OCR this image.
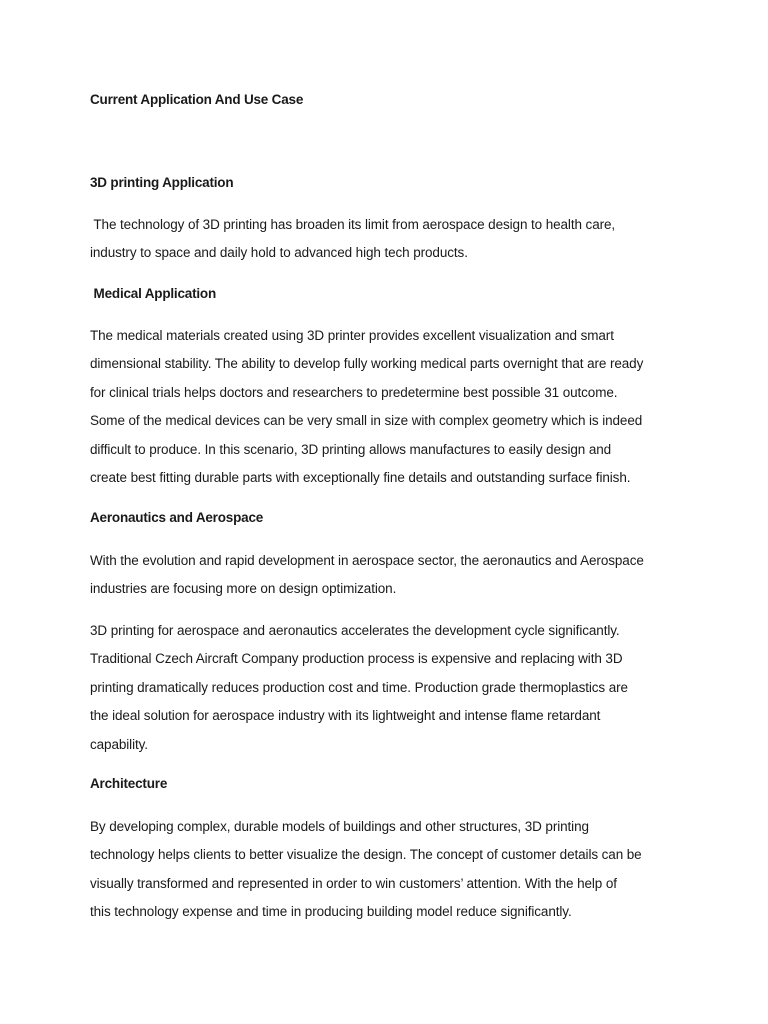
Current Application And Use Case
3D printing Application

The technology of 3D printing has broaden its limit from aerospace design to health care,
industry to space and daily hold to advanced high tech products.

Medical Application

The medical materials created using 3D printer provides excellent visualization and smart
dimensional stability. The ability to develop fully working medical parts overnight that are ready
for clinical trials helps doctors and researchers to predetermine best possible 31 outcome.
Some of the medical devices can be very small in size with complex geometry which is indeed
difficult to produce. In this scenario, 3D printing allows manufactures to easily design and
create best fitting durable parts with exceptionally fine details and outstanding surface finish.

Aeronautics and Aerospace

With the evolution and rapid development in aerospace sector, the aeronautics and Aerospace
industries are focusing more on design optimization.

3D printing for aerospace and aeronautics accelerates the development cycle significantly.
Traditional Czech Aircraft Company production process is expensive and replacing with 3D
printing dramatically reduces production cost and time. Production grade thermoplastics are
the ideal solution for aerospace industry with its lightweight and intense flame retardant
capability.

Architecture

By developing complex, durable models of buildings and other structures, 3D printing
technology helps clients to better visualize the design. The concept of customer details can be
visually transformed and represented in order to win customers’ attention. With the help of
this technology expense and time in producing building model reduce significantly.
